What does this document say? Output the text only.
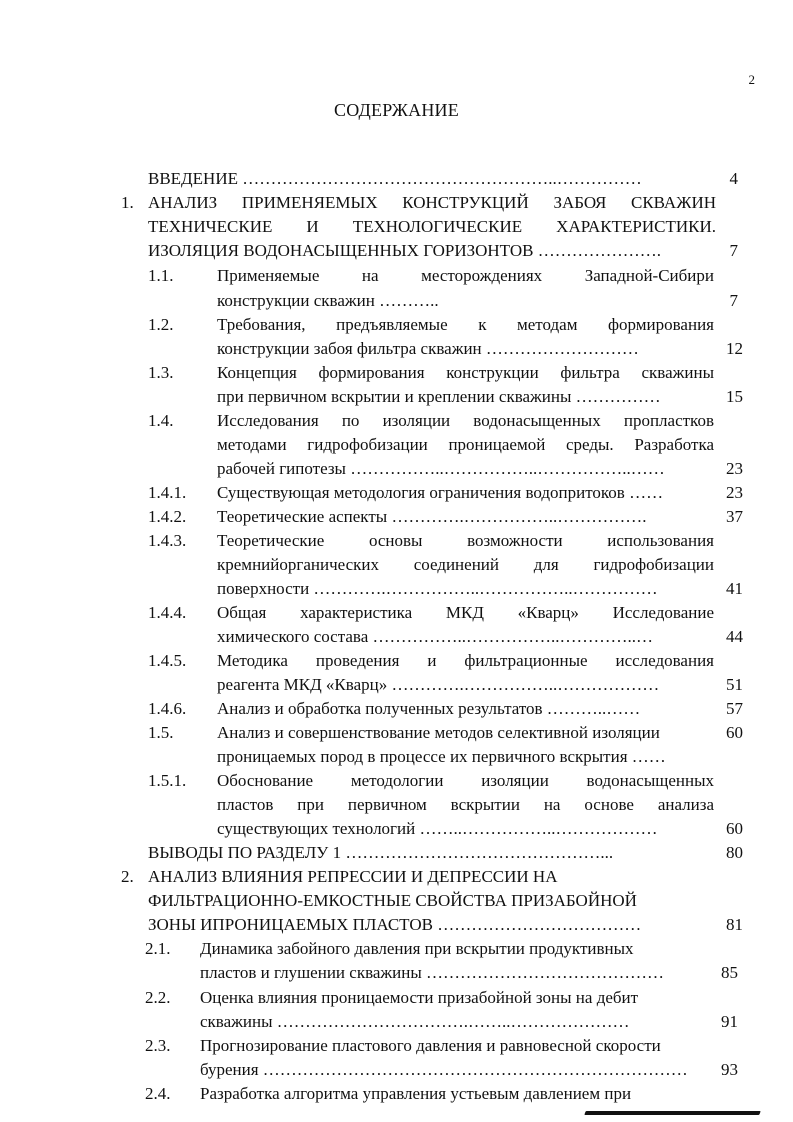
2
СОДЕРЖАНИЕ
ВВЕДЕНИЕ ………………………………………………..……………	4
1. АНАЛИЗ ПРИМЕНЯЕМЫХ КОНСТРУКЦИЙ ЗАБОЯ СКВАЖИН
ТЕХНИЧЕСКИЕ И ТЕХНОЛОГИЧЕСКИЕ ХАРАКТЕРИСТИКИ.
ИЗОЛЯЦИЯ ВОДОНАСЫЩЕННЫХ ГОРИЗОНТОВ ………………….	7
1.1.	Применяемые на месторождениях Западной-Сибири
конструкции скважин ………..	7
1.2.	Требования, предъявляемые к методам формирования
конструкции забоя фильтра скважин ………………………	12
1.3.	Концепция формирования конструкции фильтра скважины
при первичном вскрытии и креплении скважины ……………	15
1.4.	Исследования по изоляции водонасыщенных пропластков
методами гидрофобизации проницаемой среды. Разработка
рабочей гипотезы ……………..……………..……………..……	23
1.4.1. Существующая методология ограничения водопритоков ……	23
1.4.2. Теоретические аспекты ………….……………..…………….	37
1.4.3. Теоретические основы возможности использования
кремнийорганических соединений для гидрофобизации
поверхности ………….……………..……………..……………	41
1.4.4. Общая характеристика МКД «Кварц» Исследование
химического состава ……………..……………..…………..…	44
1.4.5. Методика проведения и фильтрационные исследования
реагента МКД «Кварц» ………….……………..………………	51
1.4.6. Анализ и обработка полученных результатов ………..……	57
1.5.	Анализ и совершенствование методов селективной изоляции	60
проницаемых пород в процессе их первичного вскрытия ……
1.5.1. Обоснование методологии изоляции водонасыщенных
пластов при первичном вскрытии на основе анализа
существующих технологий ……..……………..………………	60
ВЫВОДЫ ПО РАЗДЕЛУ 1 ………………………………………...	80
2. АНАЛИЗ ВЛИЯНИЯ РЕПРЕССИИ И ДЕПРЕССИИ НА
ФИЛЬТРАЦИОННО-ЕМКОСТНЫЕ СВОЙСТВА ПРИЗАБОЙНОЙ
ЗОНЫ ИПРОНИЦАЕМЫХ ПЛАСТОВ ………………………………	81
2.1. Динамика забойного давления при вскрытии продуктивных
пластов и глушении скважины ……………………………………	85
2.2. Оценка влияния проницаемости призабойной зоны на дебит
скважины …………………………….……..…………………	91
2.3. Прогнозирование пластового давления и равновесной скорости
бурения …………………………………………………………………	93
2.4. Разработка алгоритма управления устьевым давлением при
